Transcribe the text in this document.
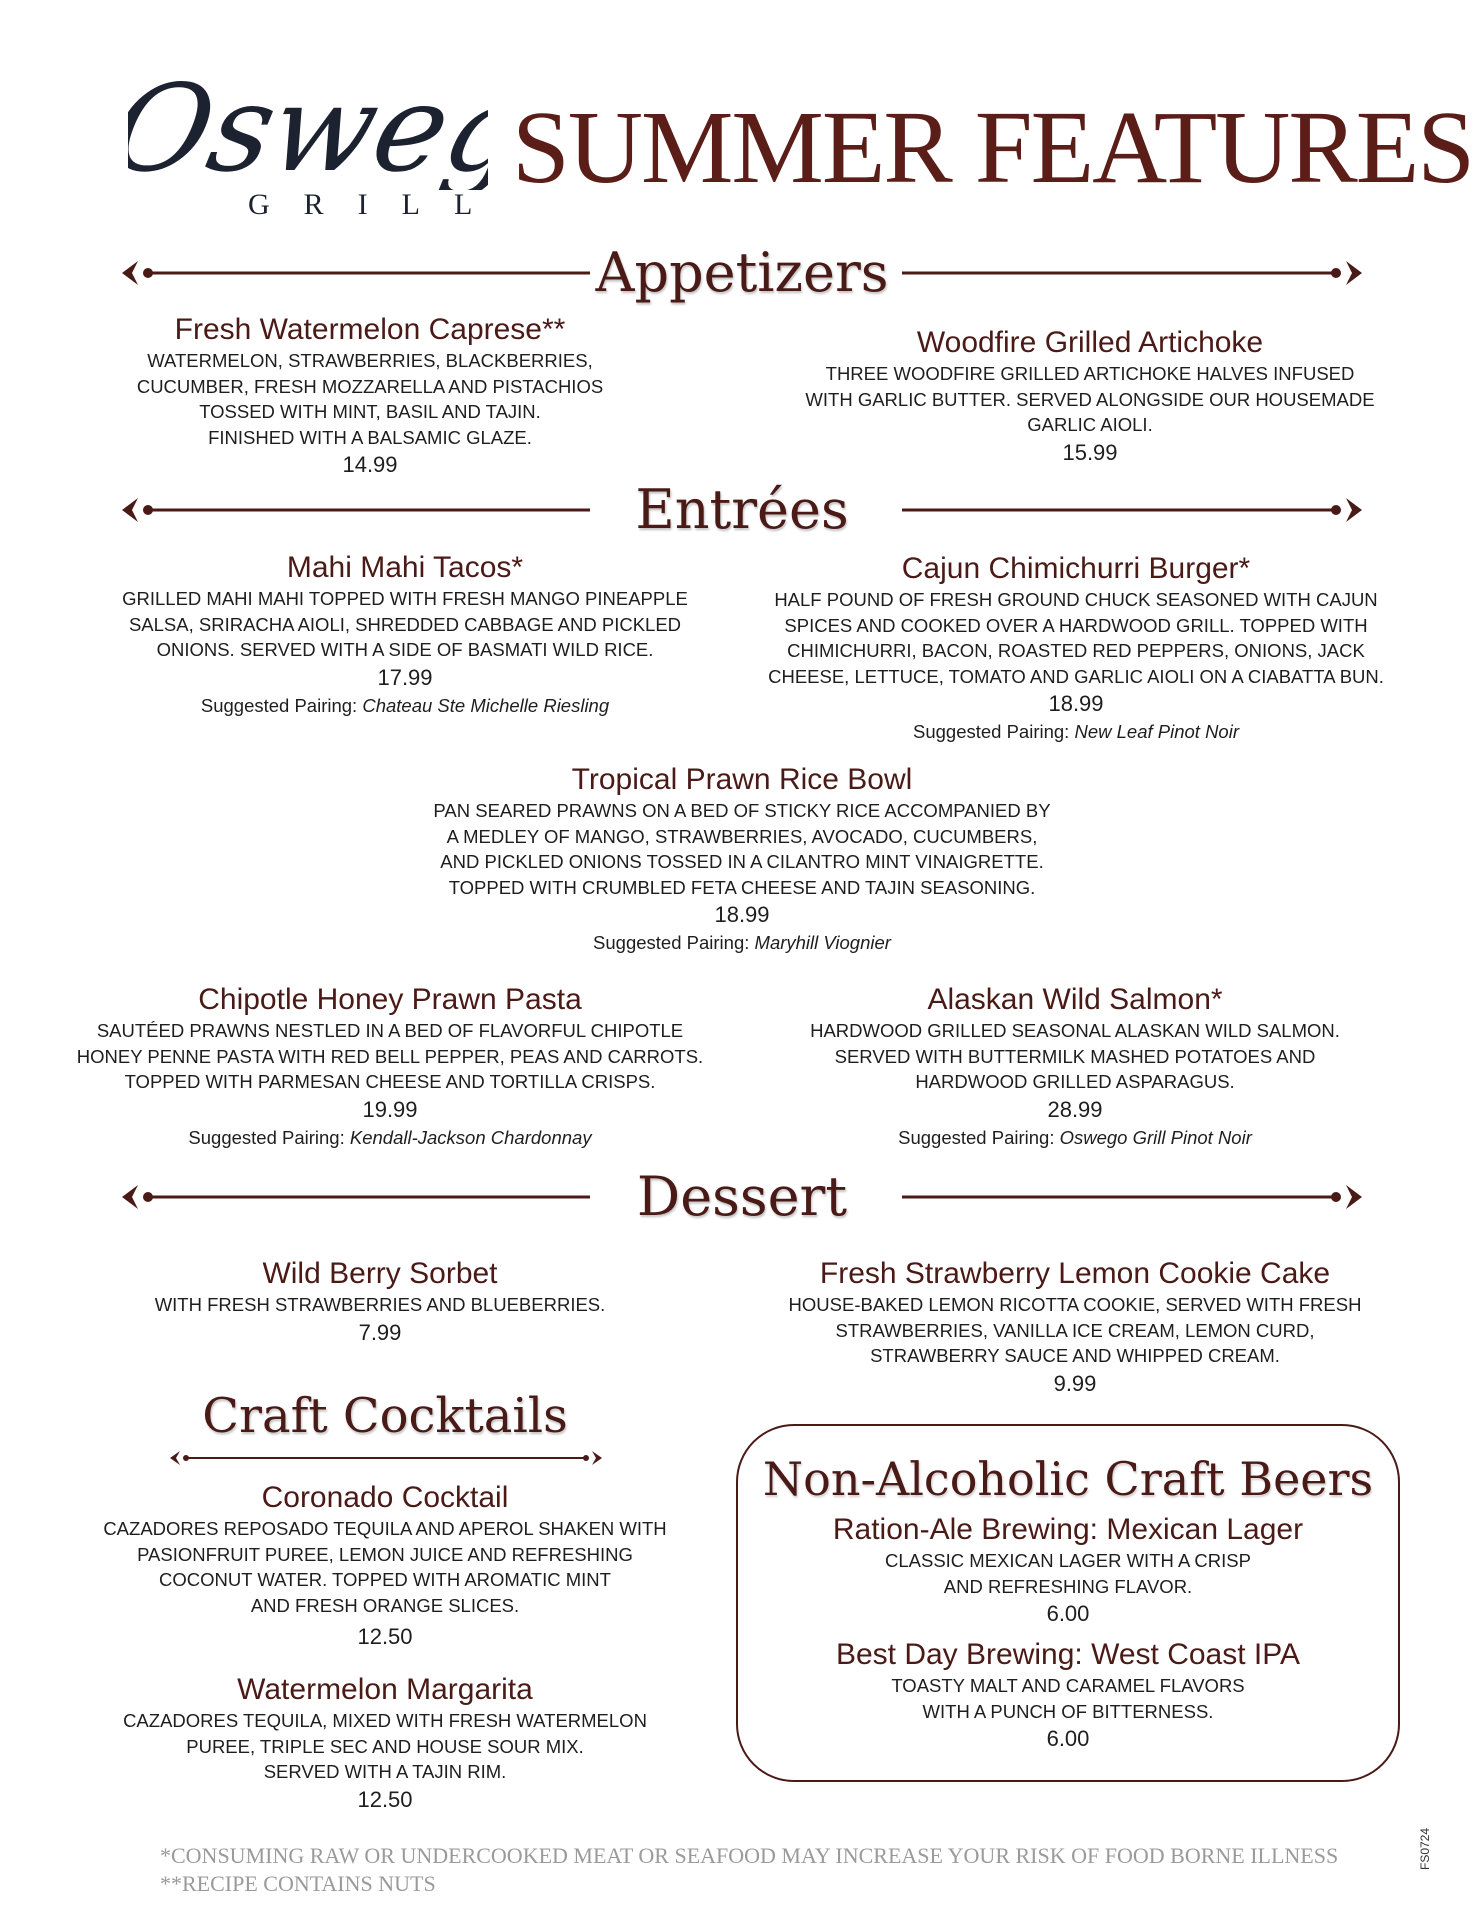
Oswego
GRILL SUMMER FEATURES
Appetizers
Fresh Watermelon Caprese**
WATERMELON, STRAWBERRIES, BLACKBERRIES,
CUCUMBER, FRESH MOZZARELLA AND PISTACHIOS
TOSSED WITH MINT, BASIL AND TAJIN.
FINISHED WITH A BALSAMIC GLAZE.
14.99
Woodfire Grilled Artichoke
THREE WOODFIRE GRILLED ARTICHOKE HALVES INFUSED
WITH GARLIC BUTTER. SERVED ALONGSIDE OUR HOUSEMADE
GARLIC AIOLI.
15.99
Entrées
Mahi Mahi Tacos*
GRILLED MAHI MAHI TOPPED WITH FRESH MANGO PINEAPPLE
SALSA, SRIRACHA AIOLI, SHREDDED CABBAGE AND PICKLED
ONIONS. SERVED WITH A SIDE OF BASMATI WILD RICE.
17.99
Suggested Pairing: Chateau Ste Michelle Riesling
Cajun Chimichurri Burger*
HALF POUND OF FRESH GROUND CHUCK SEASONED WITH CAJUN
SPICES AND COOKED OVER A HARDWOOD GRILL. TOPPED WITH
CHIMICHURRI, BACON, ROASTED RED PEPPERS, ONIONS, JACK
CHEESE, LETTUCE, TOMATO AND GARLIC AIOLI ON A CIABATTA BUN.
18.99
Suggested Pairing: New Leaf Pinot Noir
Tropical Prawn Rice Bowl
PAN SEARED PRAWNS ON A BED OF STICKY RICE ACCOMPANIED BY
A MEDLEY OF MANGO, STRAWBERRIES, AVOCADO, CUCUMBERS,
AND PICKLED ONIONS TOSSED IN A CILANTRO MINT VINAIGRETTE.
TOPPED WITH CRUMBLED FETA CHEESE AND TAJIN SEASONING.
18.99
Suggested Pairing: Maryhill Viognier
Chipotle Honey Prawn Pasta
SAUTÉED PRAWNS NESTLED IN A BED OF FLAVORFUL CHIPOTLE
HONEY PENNE PASTA WITH RED BELL PEPPER, PEAS AND CARROTS.
TOPPED WITH PARMESAN CHEESE AND TORTILLA CRISPS.
19.99
Suggested Pairing: Kendall-Jackson Chardonnay
Alaskan Wild Salmon*
HARDWOOD GRILLED SEASONAL ALASKAN WILD SALMON.
SERVED WITH BUTTERMILK MASHED POTATOES AND
HARDWOOD GRILLED ASPARAGUS.
28.99
Suggested Pairing: Oswego Grill Pinot Noir
Dessert
Wild Berry Sorbet
WITH FRESH STRAWBERRIES AND BLUEBERRIES.
7.99
Fresh Strawberry Lemon Cookie Cake
HOUSE-BAKED LEMON RICOTTA COOKIE, SERVED WITH FRESH
STRAWBERRIES, VANILLA ICE CREAM, LEMON CURD,
STRAWBERRY SAUCE AND WHIPPED CREAM.
9.99
Craft Cocktails
Coronado Cocktail
CAZADORES REPOSADO TEQUILA AND APEROL SHAKEN WITH
PASIONFRUIT PUREE, LEMON JUICE AND REFRESHING
COCONUT WATER. TOPPED WITH AROMATIC MINT
AND FRESH ORANGE SLICES.
12.50
Watermelon Margarita
CAZADORES TEQUILA, MIXED WITH FRESH WATERMELON
PUREE, TRIPLE SEC AND HOUSE SOUR MIX.
SERVED WITH A TAJIN RIM.
12.50
Non-Alcoholic Craft Beers
Ration-Ale Brewing: Mexican Lager
CLASSIC MEXICAN LAGER WITH A CRISP
AND REFRESHING FLAVOR.
6.00
Best Day Brewing: West Coast IPA
TOASTY MALT AND CARAMEL FLAVORS
WITH A PUNCH OF BITTERNESS.
6.00
*CONSUMING RAW OR UNDERCOOKED MEAT OR SEAFOOD MAY INCREASE YOUR RISK OF FOOD BORNE ILLNESS
**RECIPE CONTAINS NUTS
FS0724
